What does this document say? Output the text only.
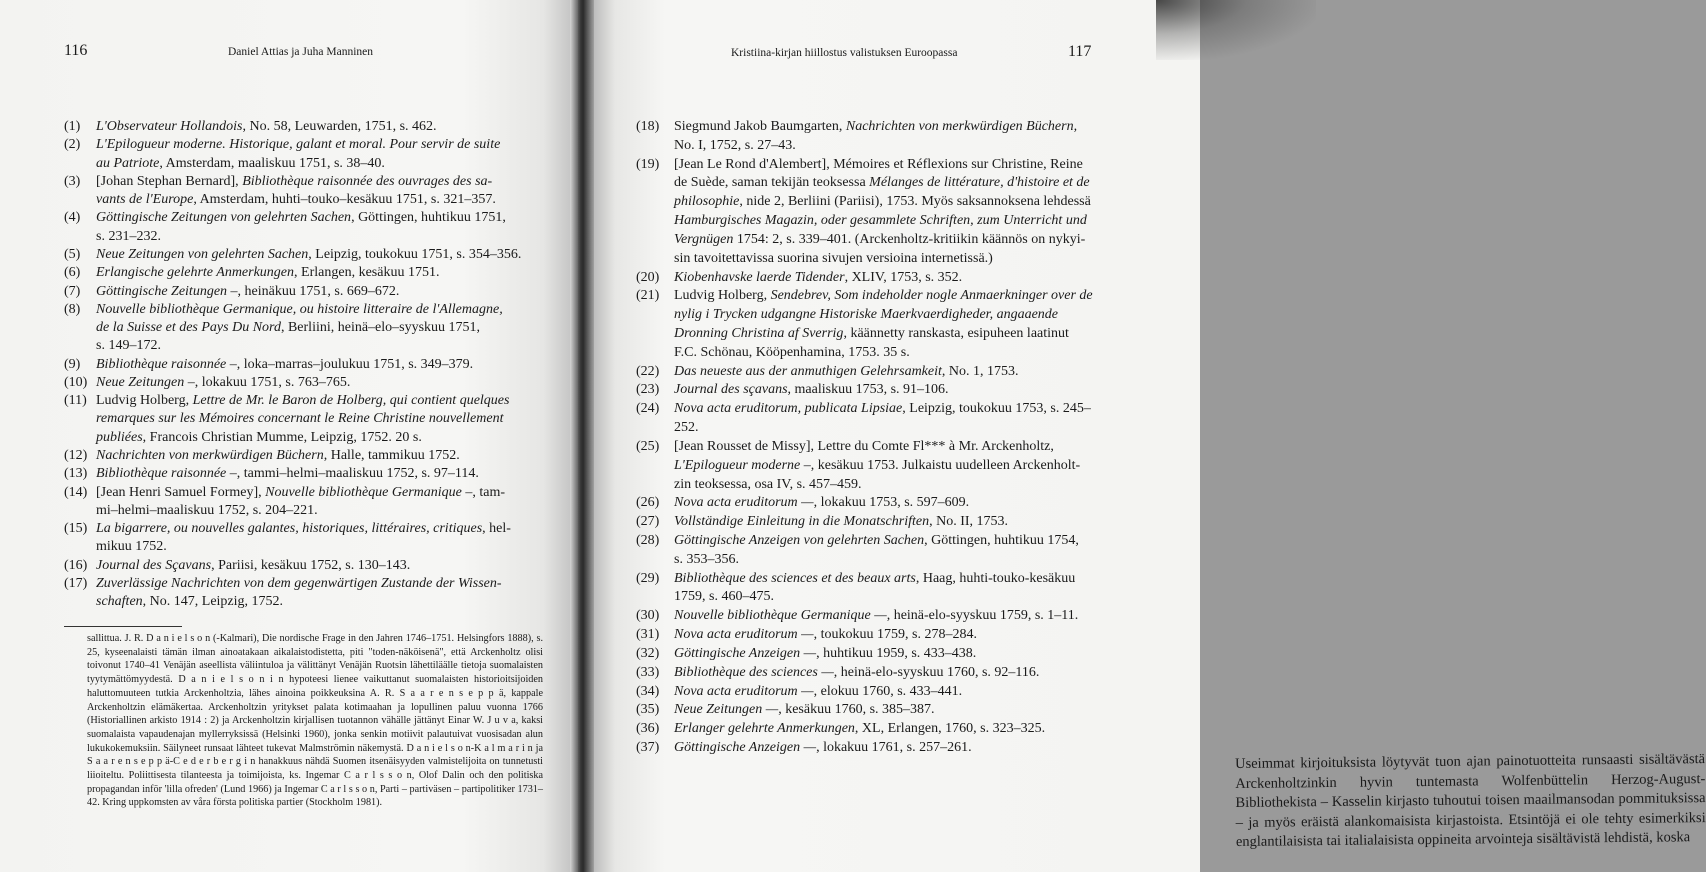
116	Daniel Attias ja Juha Manninen
(1) L'Observateur Hollandois, No. 58, Leuwarden, 1751, s. 462.
(2) L'Epilogueur moderne. Historique, galant et moral. Pour servir de suite
au Patriote, Amsterdam, maaliskuu 1751, s. 38–40.
(3) [Johan Stephan Bernard], Bibliothèque raisonnée des ouvrages des sa-
vants de l'Europe, Amsterdam, huhti–touko–kesäkuu 1751, s. 321–357.
(4) Göttingische Zeitungen von gelehrten Sachen, Göttingen, huhtikuu 1751,
s. 231–232.
(5) Neue Zeitungen von gelehrten Sachen, Leipzig, toukokuu 1751, s. 354–356.
(6) Erlangische gelehrte Anmerkungen, Erlangen, kesäkuu 1751.
(7) Göttingische Zeitungen –, heinäkuu 1751, s. 669–672.
(8) Nouvelle bibliothèque Germanique, ou histoire litteraire de l'Allemagne,
de la Suisse et des Pays Du Nord, Berliini, heinä–elo–syyskuu 1751,
s. 149–172.
(9) Bibliothèque raisonnée –, loka–marras–joulukuu 1751, s. 349–379.
(10) Neue Zeitungen –, lokakuu 1751, s. 763–765.
(11) Ludvig Holberg, Lettre de Mr. le Baron de Holberg, qui contient quelques
remarques sur les Mémoires concernant le Reine Christine nouvellement
publiées, Francois Christian Mumme, Leipzig, 1752. 20 s.
(12) Nachrichten von merkwürdigen Büchern, Halle, tammikuu 1752.
(13) Bibliothèque raisonnée –, tammi–helmi–maaliskuu 1752, s. 97–114.
(14) [Jean Henri Samuel Formey], Nouvelle bibliothèque Germanique –, tam-
mi–helmi–maaliskuu 1752, s. 204–221.
(15) La bigarrere, ou nouvelles galantes, historiques, littéraires, critiques, hel-
mikuu 1752.
(16) Journal des Sçavans, Pariisi, kesäkuu 1752, s. 130–143.
(17) Zuverlässige Nachrichten von dem gegenwärtigen Zustande der Wissen-
schaften, No. 147, Leipzig, 1752.
sallittua. J. R. D a n i e l s o n (-Kalmari), Die nordische Frage in den Jahren 1746–1751. Helsingfors 1888), s. 25, kyseenalaisti tämän ilman ainoatakaan aikalaistodistetta, piti "toden-näköisenä", että Arckenholtz olisi toivonut 1740–41 Venäjän aseellista väliintuloa ja välittänyt Venäjän Ruotsin lähettiläälle tietoja suomalaisten tyytymättömyydestä. D a n i e l s o n i n hypoteesi lienee vaikuttanut suomalaisten historioitsijoiden haluttomuuteen tutkia Arckenholtzia, lähes ainoina poikkeuksina A. R. S a a r e n s e p p ä, kappale Arckenholtzin elämäkertaa. Arckenholtzin yritykset palata kotimaahan ja lopullinen paluu vuonna 1766 (Historiallinen arkisto 1914 : 2) ja Arckenholtzin kirjallisen tuotannon vähälle jättänyt Einar W. J u v a, kaksi suomalaista vapaudenajan myllerryksissä (Helsinki 1960), jonka senkin motiivit palautuivat vuosisadan alun lukukokemuksiin. Säilyneet runsaat lähteet tukevat Malmströmin näkemystä. D a n i e l s o n-K a l m a r i n ja S a a r e n s e p p ä-C e d e r b e r g i n hanakkuus nähdä Suomen itsenäisyyden valmistelijoita on tunnetusti liioiteltu. Poliittisesta tilanteesta ja toimijoista, ks. Ingemar C a r l s s o n, Olof Dalin och den politiska propagandan inför 'lilla ofreden' (Lund 1966) ja Ingemar C a r l s s o n, Parti – partiväsen – partipolitiker 1731–42. Kring uppkomsten av våra första politiska partier (Stockholm 1981).
Kristiina-kirjan hiillostus valistuksen Euroopassa	117
(18) Siegmund Jakob Baumgarten, Nachrichten von merkwürdigen Büchern,
No. I, 1752, s. 27–43.
(19) [Jean Le Rond d'Alembert], Mémoires et Réflexions sur Christine, Reine
de Suède, saman tekijän teoksessa Mélanges de littérature, d'histoire et de
philosophie, nide 2, Berliini (Pariisi), 1753. Myös saksannoksena lehdessä
Hamburgisches Magazin, oder gesammlete Schriften, zum Unterricht und
Vergnügen 1754: 2, s. 339–401. (Arckenholtz-kritiikin käännös on nykyi-
sin tavoitettavissa suorina sivujen versioina internetissä.)
(20) Kiobenhavske laerde Tidender, XLIV, 1753, s. 352.
(21) Ludvig Holberg, Sendebrev, Som indeholder nogle Anmaerkninger over de
nylig i Trycken udgangne Historiske Maerkvaerdigheder, angaaende
Dronning Christina af Sverrig, käännetty ranskasta, esipuheen laatinut
F.C. Schönau, Kööpenhamina, 1753. 35 s.
(22) Das neueste aus der anmuthigen Gelehrsamkeit, No. 1, 1753.
(23) Journal des sçavans, maaliskuu 1753, s. 91–106.
(24) Nova acta eruditorum, publicata Lipsiae, Leipzig, toukokuu 1753, s. 245–
252.
(25) [Jean Rousset de Missy], Lettre du Comte Fl*** à Mr. Arckenholtz,
L'Epilogueur moderne –, kesäkuu 1753. Julkaistu uudelleen Arckenholt-
zin teoksessa, osa IV, s. 457–459.
(26) Nova acta eruditorum —, lokakuu 1753, s. 597–609.
(27) Vollständige Einleitung in die Monatschriften, No. II, 1753.
(28) Göttingische Anzeigen von gelehrten Sachen, Göttingen, huhtikuu 1754,
s. 353–356.
(29) Bibliothèque des sciences et des beaux arts, Haag, huhti-touko-kesäkuu
1759, s. 460–475.
(30) Nouvelle bibliothèque Germanique —, heinä-elo-syyskuu 1759, s. 1–11.
(31) Nova acta eruditorum —, toukokuu 1759, s. 278–284.
(32) Göttingische Anzeigen —, huhtikuu 1959, s. 433–438.
(33) Bibliothèque des sciences —, heinä-elo-syyskuu 1760, s. 92–116.
(34) Nova acta eruditorum —, elokuu 1760, s. 433–441.
(35) Neue Zeitungen —, kesäkuu 1760, s. 385–387.
(36) Erlanger gelehrte Anmerkungen, XL, Erlangen, 1760, s. 323–325.
(37) Göttingische Anzeigen —, lokakuu 1761, s. 257–261.
Useimmat kirjoituksista löytyvät tuon ajan painotuotteita runsaasti sisältävästä Arckenholtzinkin hyvin tuntemasta Wolfenbüttelin Herzog-August-Bibliothekista – Kasselin kirjasto tuhoutui toisen maailmansodan pommituksissa – ja myös eräistä alankomaisista kirjastoista. Etsintöjä ei ole tehty esimerkiksi englantilaisista tai italialaisista oppineita arvointeja sisältävistä lehdistä, koska
